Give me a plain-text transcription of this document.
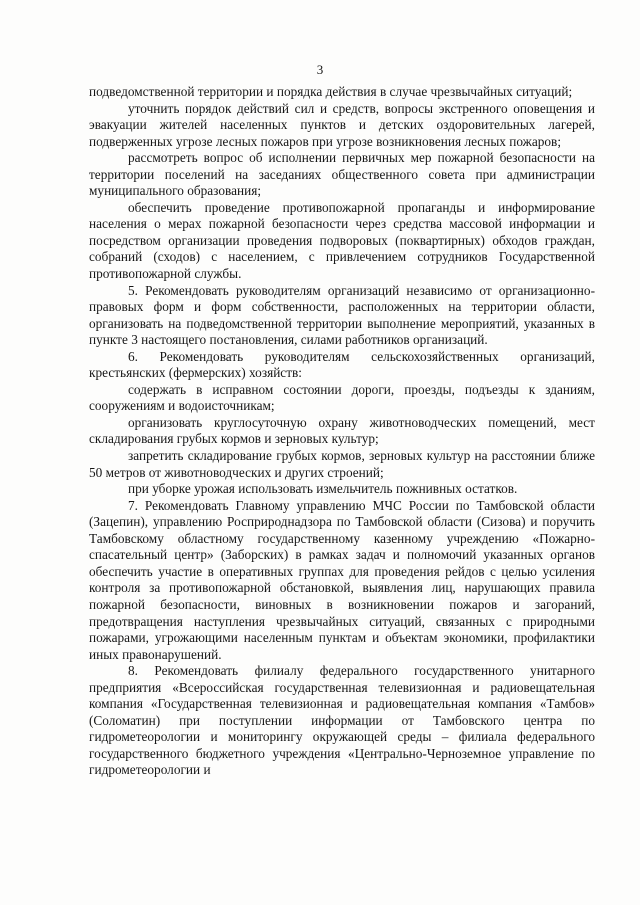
3

подведомственной территории и порядка действия в случае чрезвычайных ситуаций;

уточнить порядок действий сил и средств, вопросы экстренного оповещения и эвакуации жителей населенных пунктов и детских оздоровительных лагерей, подверженных угрозе лесных пожаров при угрозе возникновения лесных пожаров;

рассмотреть вопрос об исполнении первичных мер пожарной безопасности на территории поселений на заседаниях общественного совета при администрации муниципального образования;

обеспечить проведение противопожарной пропаганды и информирование населения о мерах пожарной безопасности через средства массовой информации и посредством организации проведения подворовых (поквартирных) обходов граждан, собраний (сходов) с населением, с привлечением сотрудников Государственной противопожарной службы.

5. Рекомендовать руководителям организаций независимо от организационно-правовых форм и форм собственности, расположенных на территории области, организовать на подведомственной территории выполнение мероприятий, указанных в пункте 3 настоящего постановления, силами работников организаций.

6. Рекомендовать руководителям сельскохозяйственных организаций, крестьянских (фермерских) хозяйств:

содержать в исправном состоянии дороги, проезды, подъезды к зданиям, сооружениям и водоисточникам;

организовать круглосуточную охрану животноводческих помещений, мест складирования грубых кормов и зерновых культур;

запретить складирование грубых кормов, зерновых культур на расстоянии ближе 50 метров от животноводческих и других строений;

при уборке урожая использовать измельчитель пожнивных остатков.

7. Рекомендовать Главному управлению МЧС России по Тамбовской области (Зацепин), управлению Росприроднадзора по Тамбовской области (Сизова) и поручить Тамбовскому областному государственному казенному учреждению «Пожарно-спасательный центр» (Заборских) в рамках задач и полномочий указанных органов обеспечить участие в оперативных группах для проведения рейдов с целью усиления контроля за противопожарной обстановкой, выявления лиц, нарушающих правила пожарной безопасности, виновных в возникновении пожаров и загораний, предотвращения наступления чрезвычайных ситуаций, связанных с природными пожарами, угрожающими населенным пунктам и объектам экономики, профилактики иных правонарушений.

8. Рекомендовать филиалу федерального государственного унитарного предприятия «Всероссийская государственная телевизионная и радиовещательная компания «Государственная телевизионная и радиовещательная компания «Тамбов» (Соломатин) при поступлении информации от Тамбовского центра по гидрометеорологии и мониторингу окружающей среды – филиала федерального государственного бюджетного учреждения «Центрально-Черноземное управление по гидрометеорологии и
